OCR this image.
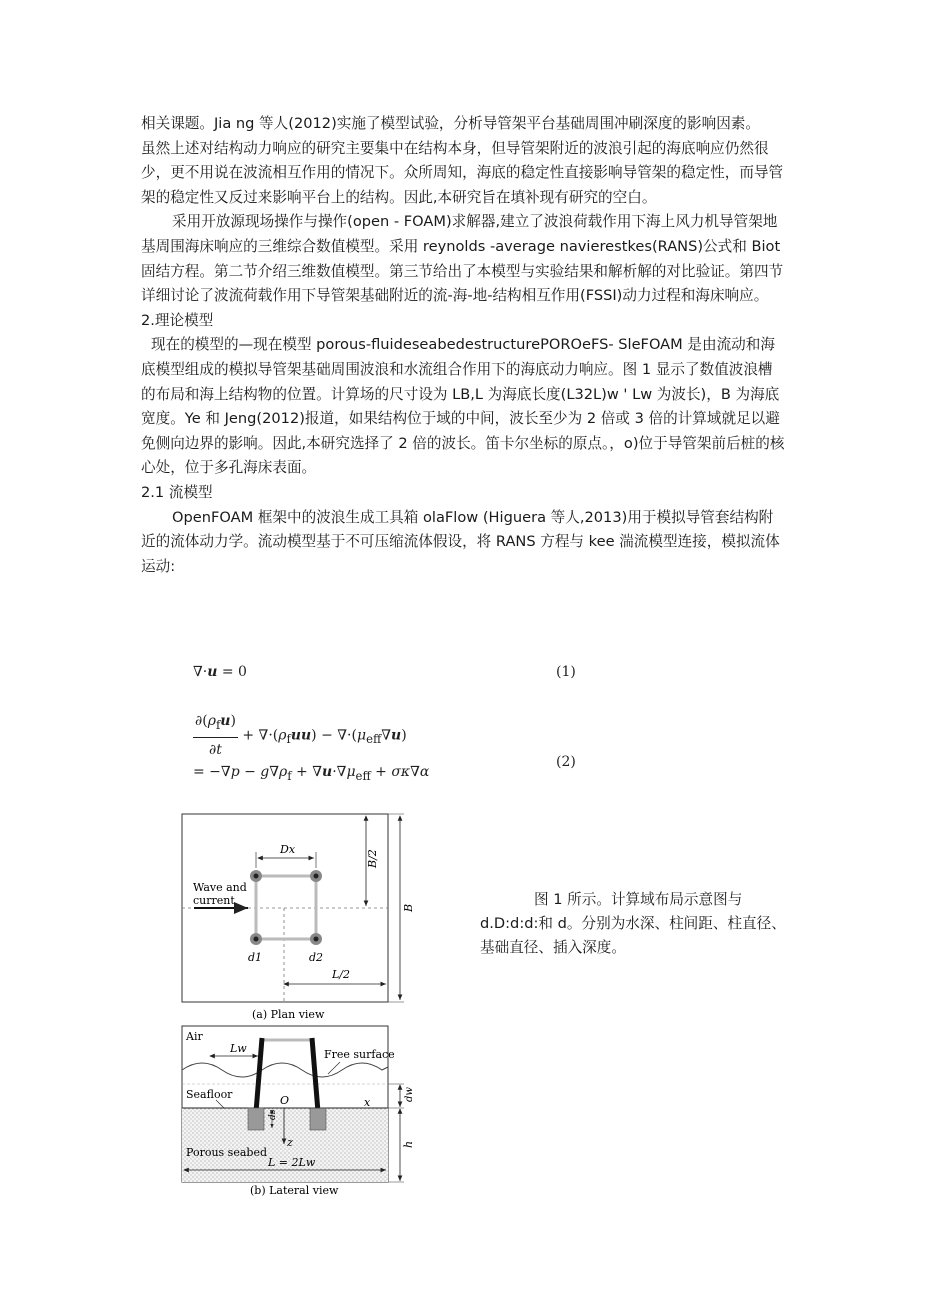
相关课题。Jia ng 等人(2012)实施了模型试验，分析导管架平台基础周围冲刷深度的影响因素。

虽然上述对结构动力响应的研究主要集中在结构本身，但导管架附近的波浪引起的海底响应仍然很少，更不用说在波流相互作用的情况下。众所周知，海底的稳定性直接影响导管架的稳定性，而导管架的稳定性又反过来影响平台上的结构。因此,本研究旨在填补现有研究的空白。

采用开放源现场操作与操作(open - FOAM)求解器,建立了波浪荷载作用下海上风力机导管架地基周围海床响应的三维综合数值模型。采用 reynolds -average navierestkes(RANS)公式和 Biot 固结方程。第二节介绍三维数值模型。第三节给出了本模型与实验结果和解析解的对比验证。第四节详细讨论了波流荷载作用下导管架基础附近的流-海-地-结构相互作用(FSSI)动力过程和海床响应。

2.理论模型

现在的模型的—现在模型 porous-fluideseabedestructurePOROeFS- SleFOAM 是由流动和海底模型组成的模拟导管架基础周围波浪和水流组合作用下的海底动力响应。图 1 显示了数值波浪槽的布局和海上结构物的位置。计算场的尺寸设为 LB,L 为海底长度(L32L)w ' Lw 为波长)，B 为海底宽度。Ye 和 Jeng(2012)报道，如果结构位于域的中间，波长至少为 2 倍或 3 倍的计算域就足以避免侧向边界的影响。因此,本研究选择了 2 倍的波长。笛卡尔坐标的原点。，o)位于导管架前后桩的核心处，位于多孔海床表面。

2.1 流模型

OpenFOAM 框架中的波浪生成工具箱 olaFlow (Higuera 等人,2013)用于模拟导管套结构附近的流体动力学。流动模型基于不可压缩流体假设，将 RANS 方程与 kee 湍流模型连接，模拟流体运动:

∇·u = 0	(1)
$\frac{\partial(\rho_fu)}{\partial t} + \nabla\cdot(\rho_fuu) - \nabla\cdot(\mu_{eff}\nabla u)$
= $-\nabla p - g\nabla\rho_f + \nabla u\cdot\nabla\mu_{eff} + \sigma\kappa\nabla\alpha$
(2)
Dx
Wave and
current
d1	d2
L/2
B/2
B
(a) Plan view
Air
Lw	Free surface
Seafloor	O	x
z
ds
dw
h
Porous seabed
L = 2Lw
(b) Lateral view

图 1 所示。计算域布局示意图与

d.D:d:d:和 d。分别为水深、柱间距、柱直径、基础直径、插入深度。
